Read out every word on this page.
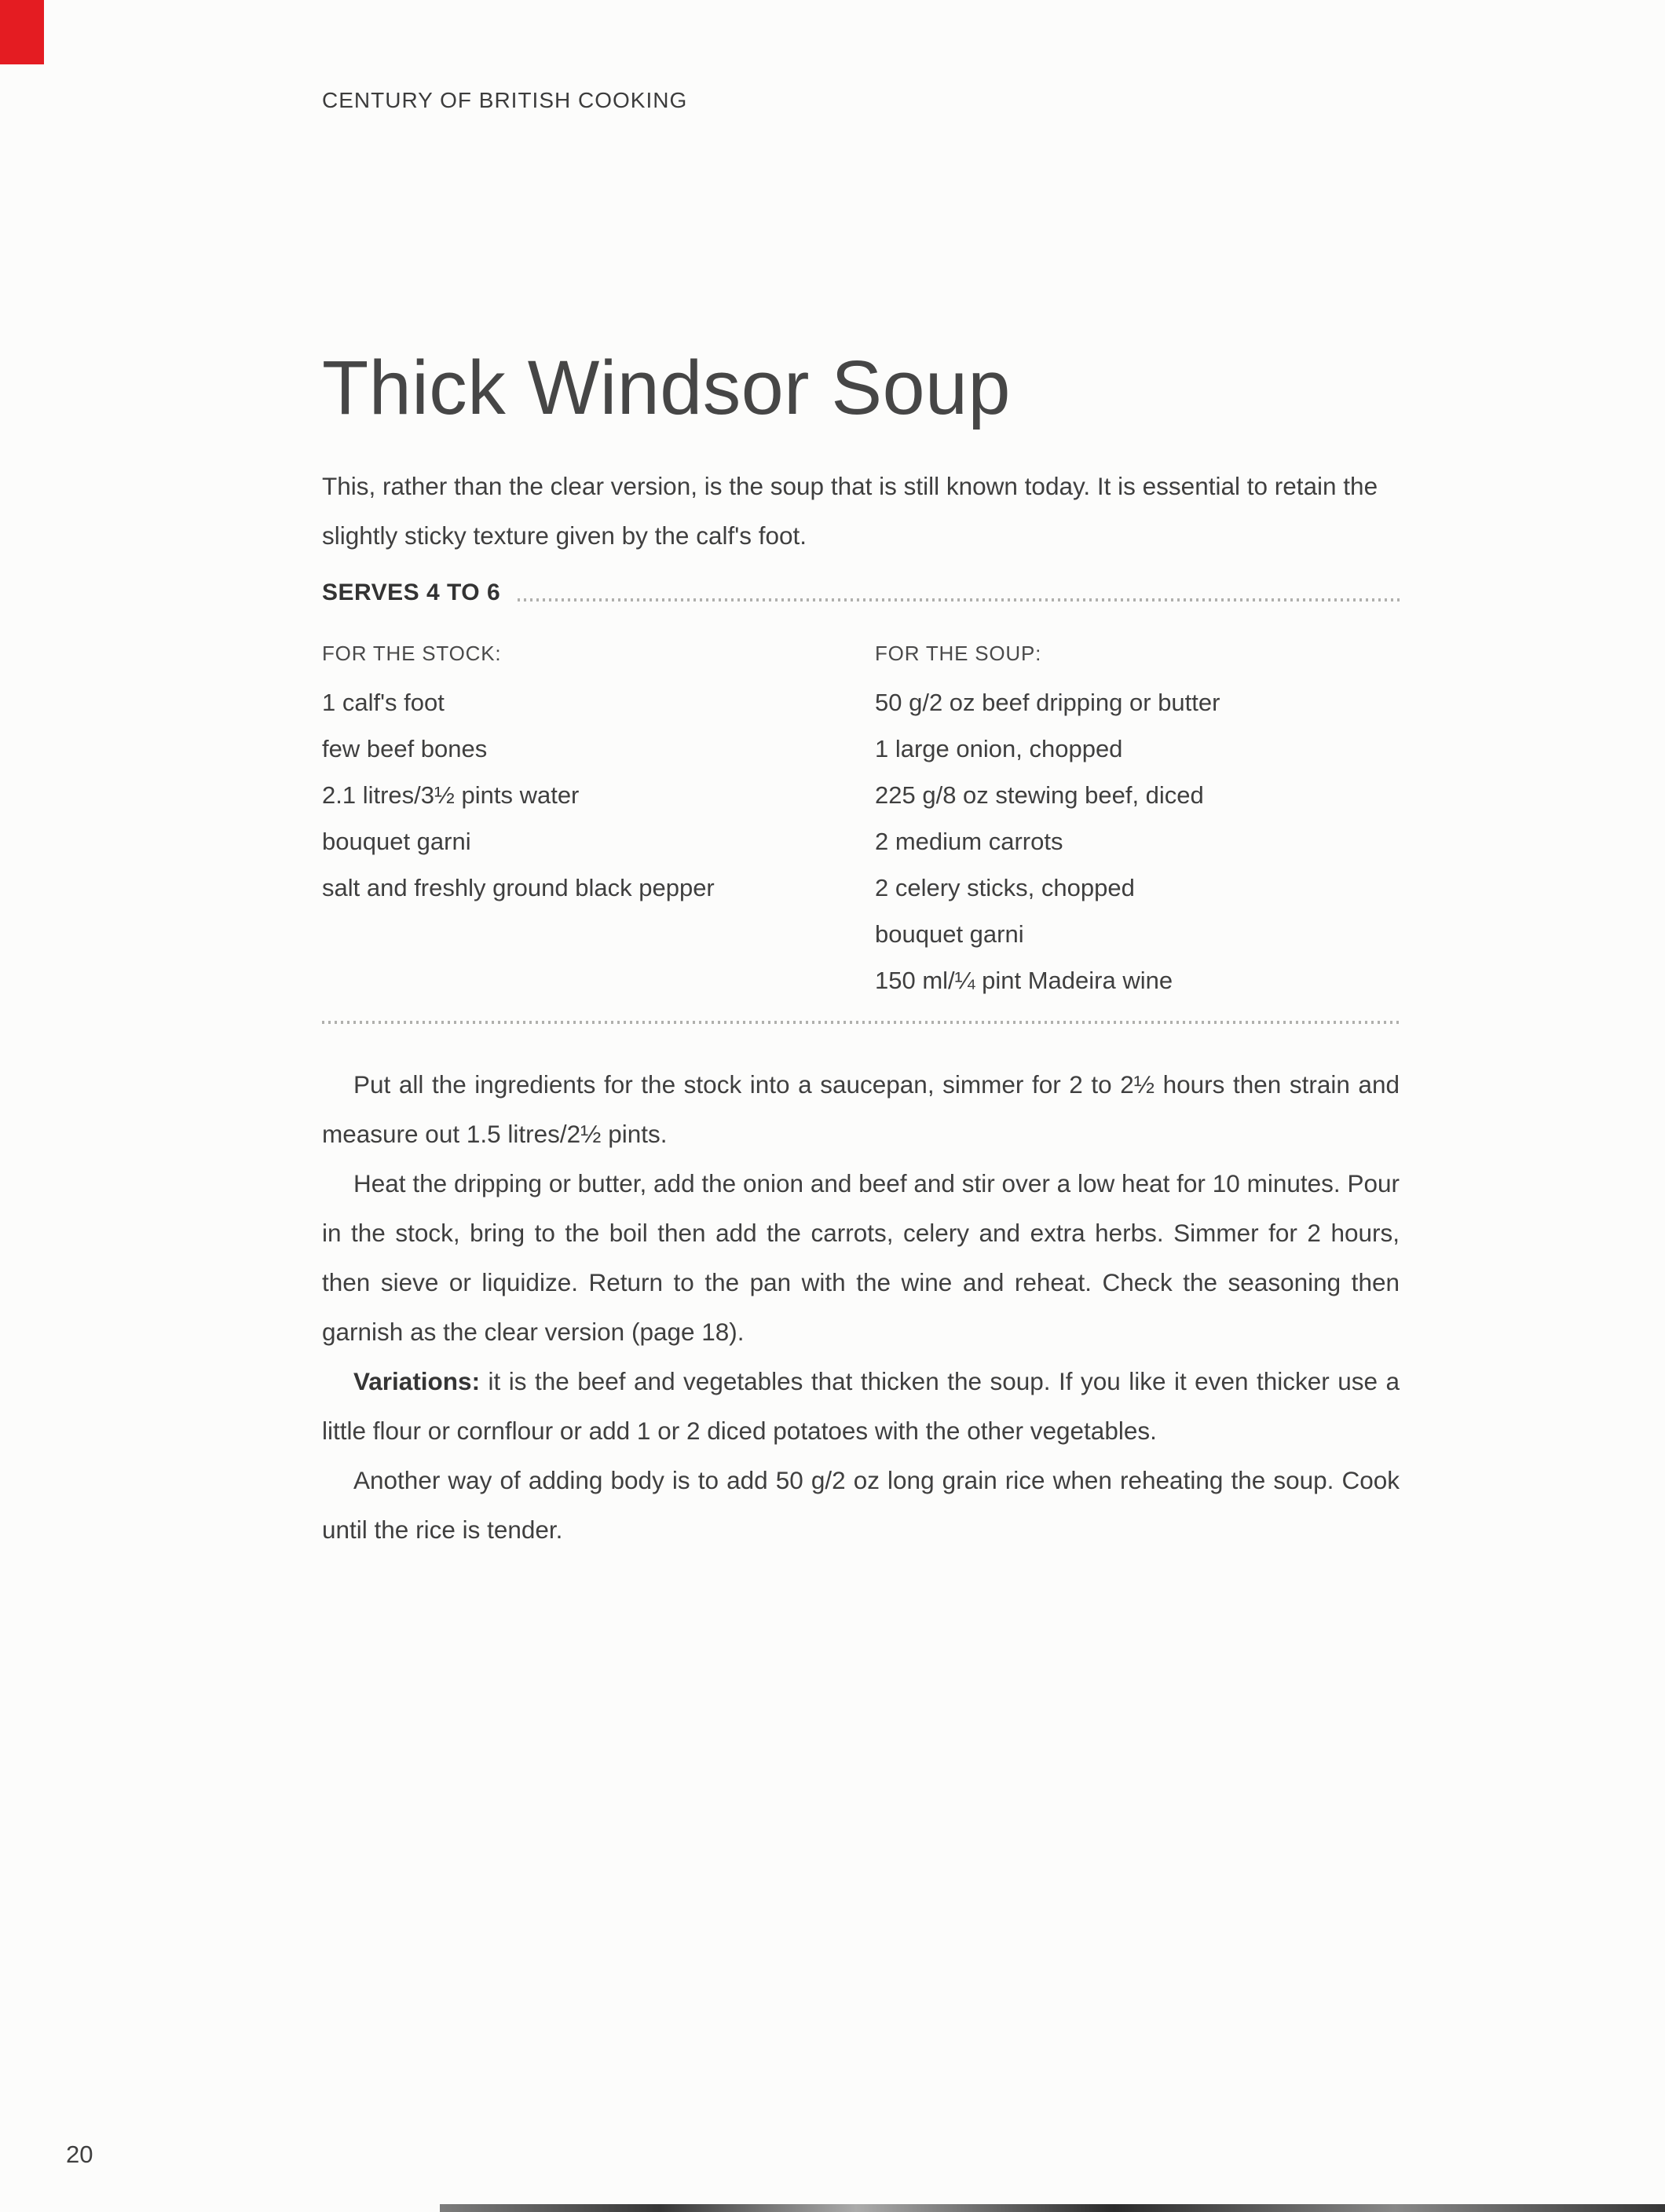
CENTURY OF BRITISH COOKING
Thick Windsor Soup

This, rather than the clear version, is the soup that is still known today. It is essential to retain the slightly sticky texture given by the calf's foot.

SERVES 4 TO 6
FOR THE STOCK:
1 calf's foot
few beef bones
2.1 litres/3½ pints water
bouquet garni
salt and freshly ground black pepper
FOR THE SOUP:
50 g/2 oz beef dripping or butter
1 large onion, chopped
225 g/8 oz stewing beef, diced
2 medium carrots
2 celery sticks, chopped
bouquet garni
150 ml/¼ pint Madeira wine

Put all the ingredients for the stock into a saucepan, simmer for 2 to 2½ hours then strain and measure out 1.5 litres/2½ pints.

Heat the dripping or butter, add the onion and beef and stir over a low heat for 10 minutes. Pour in the stock, bring to the boil then add the carrots, celery and extra herbs. Simmer for 2 hours, then sieve or liquidize. Return to the pan with the wine and reheat. Check the seasoning then garnish as the clear version (page 18).

Variations: it is the beef and vegetables that thicken the soup. If you like it even thicker use a little flour or cornflour or add 1 or 2 diced potatoes with the other vegetables.

Another way of adding body is to add 50 g/2 oz long grain rice when reheating the soup. Cook until the rice is tender.

20
